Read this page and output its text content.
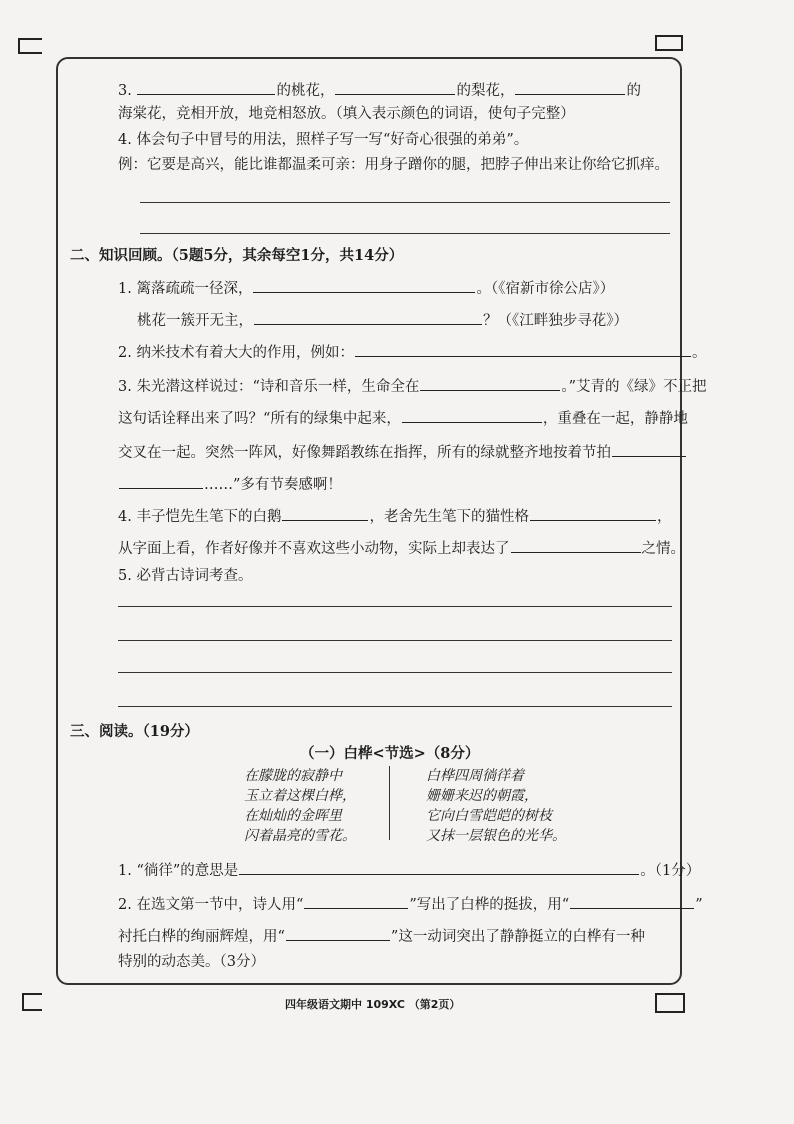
3.	的桃花，	的梨花，	的
海棠花，竞相开放，地竞相怒放。（填入表示颜色的词语，使句子完整）
4. 体会句子中冒号的用法，照样子写一写“好奇心很强的弟弟”。
例：它要是高兴，能比谁都温柔可亲：用身子蹭你的腿，把脖子伸出来让你给它抓痒。
二、知识回顾。（5题5分，其余每空1分，共14分）
1. 篱落疏疏一径深，	。（《宿新市徐公店》）
桃花一簇开无主，	？（《江畔独步寻花》）
2. 纳米技术有着大大的作用，例如：	。
3. 朱光潜这样说过：“诗和音乐一样，生命全在	。”艾青的《绿》不正把
这句话诠释出来了吗？“所有的绿集中起来，	，重叠在一起，静静地
交叉在一起。突然一阵风，好像舞蹈教练在指挥，所有的绿就整齐地按着节拍
……”多有节奏感啊！
4. 丰子恺先生笔下的白鹅	，老舍先生笔下的猫性格	，
从字面上看，作者好像并不喜欢这些小动物，实际上却表达了	之情。
5. 必背古诗词考查。
三、阅读。（19分）
（一）白桦<节选>（8分）
在朦胧的寂静中
玉立着这棵白桦，
在灿灿的金晖里
闪着晶亮的雪花。
白桦四周徜徉着
姗姗来迟的朝霞，
它向白雪皑皑的树枝
又抹一层银色的光华。
1. “徜徉”的意思是	。（1分）
2. 在选文第一节中，诗人用“	”写出了白桦的挺拔，用“	”
衬托白桦的绚丽辉煌，用“	”这一动词突出了静静挺立的白桦有一种
特别的动态美。（3分）
四年级语文期中 109XC （第2页）
